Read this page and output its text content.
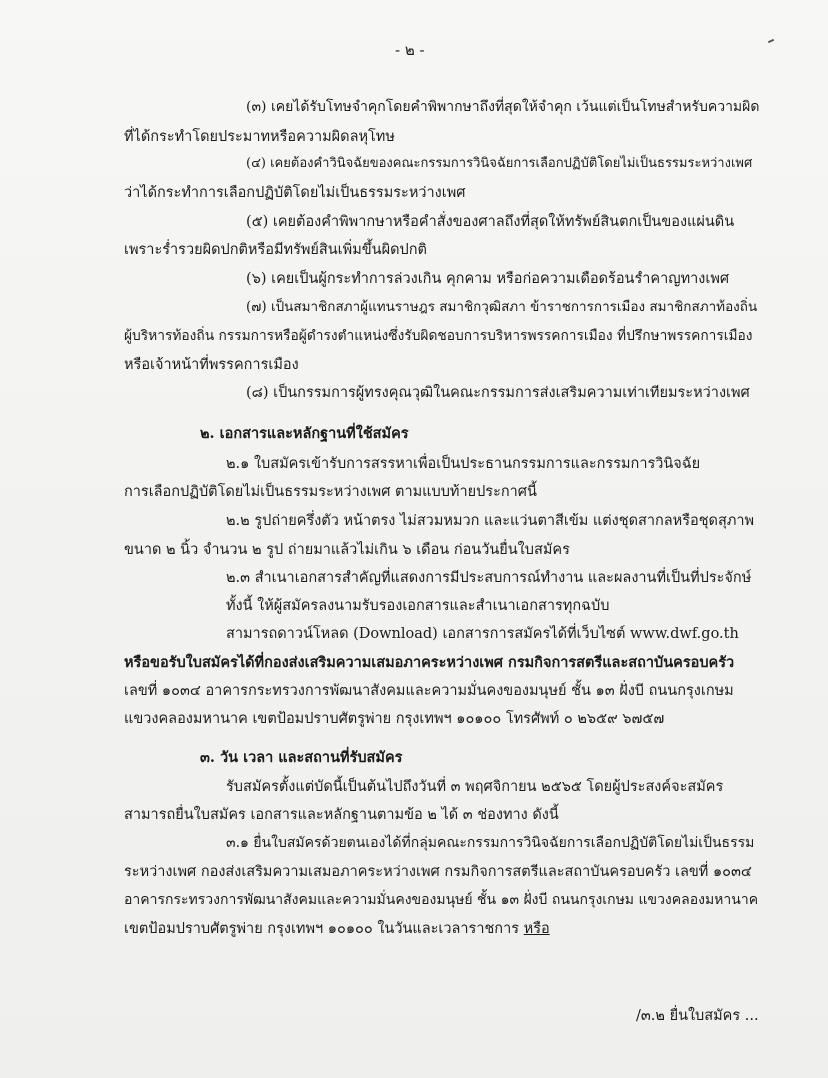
- ๒ -
(๓) เคยได้รับโทษจำคุกโดยคำพิพากษาถึงที่สุดให้จำคุก เว้นแต่เป็นโทษสำหรับความผิด
ที่ได้กระทำโดยประมาทหรือความผิดลหุโทษ
(๔) เคยต้องคำวินิจฉัยของคณะกรรมการวินิจฉัยการเลือกปฏิบัติโดยไม่เป็นธรรมระหว่างเพศ
ว่าได้กระทำการเลือกปฏิบัติโดยไม่เป็นธรรมระหว่างเพศ
(๕) เคยต้องคำพิพากษาหรือคำสั่งของศาลถึงที่สุดให้ทรัพย์สินตกเป็นของแผ่นดิน
เพราะร่ำรวยผิดปกติหรือมีทรัพย์สินเพิ่มขึ้นผิดปกติ
(๖) เคยเป็นผู้กระทำการล่วงเกิน คุกคาม หรือก่อความเดือดร้อนรำคาญทางเพศ
(๗) เป็นสมาชิกสภาผู้แทนราษฎร สมาชิกวุฒิสภา ข้าราชการการเมือง สมาชิกสภาท้องถิ่น
ผู้บริหารท้องถิ่น กรรมการหรือผู้ดำรงตำแหน่งซึ่งรับผิดชอบการบริหารพรรคการเมือง ที่ปรึกษาพรรคการเมือง
หรือเจ้าหน้าที่พรรคการเมือง
(๘) เป็นกรรมการผู้ทรงคุณวุฒิในคณะกรรมการส่งเสริมความเท่าเทียมระหว่างเพศ
๒. เอกสารและหลักฐานที่ใช้สมัคร
๒.๑ ใบสมัครเข้ารับการสรรหาเพื่อเป็นประธานกรรมการและกรรมการวินิจฉัย
การเลือกปฏิบัติโดยไม่เป็นธรรมระหว่างเพศ ตามแบบท้ายประกาศนี้
๒.๒ รูปถ่ายครึ่งตัว หน้าตรง ไม่สวมหมวก และแว่นตาสีเข้ม แต่งชุดสากลหรือชุดสุภาพ
ขนาด ๒ นิ้ว จำนวน ๒ รูป ถ่ายมาแล้วไม่เกิน ๖ เดือน ก่อนวันยื่นใบสมัคร
๒.๓ สำเนาเอกสารสำคัญที่แสดงการมีประสบการณ์ทำงาน และผลงานที่เป็นที่ประจักษ์
ทั้งนี้ ให้ผู้สมัครลงนามรับรองเอกสารและสำเนาเอกสารทุกฉบับ
สามารถดาวน์โหลด (Download) เอกสารการสมัครได้ที่เว็บไซต์ www.dwf.go.th
หรือขอรับใบสมัครได้ที่กองส่งเสริมความเสมอภาคระหว่างเพศ กรมกิจการสตรีและสถาบันครอบครัว
เลขที่ ๑๐๓๔ อาคารกระทรวงการพัฒนาสังคมและความมั่นคงของมนุษย์ ชั้น ๑๓ ฝั่งบี ถนนกรุงเกษม
แขวงคลองมหานาค เขตป้อมปราบศัตรูพ่าย กรุงเทพฯ ๑๐๑๐๐ โทรศัพท์ ๐ ๒๖๕๙ ๖๗๕๗
๓. วัน เวลา และสถานที่รับสมัคร
รับสมัครตั้งแต่บัดนี้เป็นต้นไปถึงวันที่ ๓ พฤศจิกายน ๒๕๖๕ โดยผู้ประสงค์จะสมัคร
สามารถยื่นใบสมัคร เอกสารและหลักฐานตามข้อ ๒ ได้ ๓ ช่องทาง ดังนี้
๓.๑ ยื่นใบสมัครด้วยตนเองได้ที่กลุ่มคณะกรรมการวินิจฉัยการเลือกปฏิบัติโดยไม่เป็นธรรม
ระหว่างเพศ กองส่งเสริมความเสมอภาคระหว่างเพศ กรมกิจการสตรีและสถาบันครอบครัว เลขที่ ๑๐๓๔
อาคารกระทรวงการพัฒนาสังคมและความมั่นคงของมนุษย์ ชั้น ๑๓ ฝั่งบี ถนนกรุงเกษม แขวงคลองมหานาค
เขตป้อมปราบศัตรูพ่าย กรุงเทพฯ ๑๐๑๐๐ ในวันและเวลาราชการ หรือ
/๓.๒ ยื่นใบสมัคร ...
